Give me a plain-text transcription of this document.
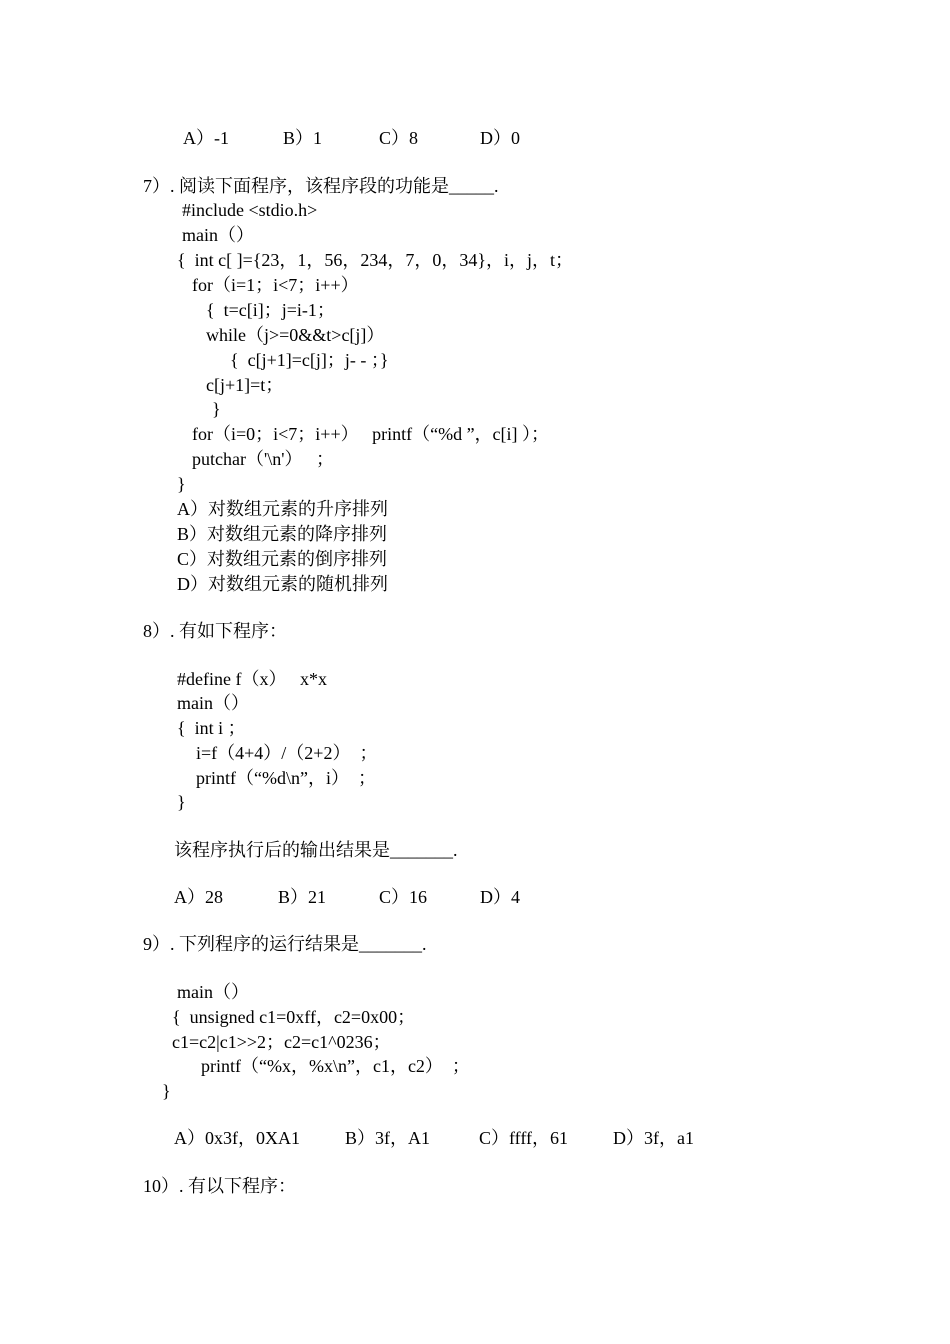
A）-1	B）1	C）8	D）0
7）. 阅读下面程序，该程序段的功能是_____.
#include <stdio.h>
main（）
{  int c[ ]={23，1，56，234，7，0，34}，i，j，t；
for（i=1；i<7；i++）
{  t=c[i]；j=i-1；
while（j>=0&&t>c[j]）
{  c[j+1]=c[j]；j- - ；}
c[j+1]=t；
}
for（i=0；i<7；i++）   printf（“%d ”，c[i] ）；
putchar（'\n'）   ；
}
A）对数组元素的升序排列
B）对数组元素的降序排列
C）对数组元素的倒序排列
D）对数组元素的随机排列
8）. 有如下程序：
#define f（x）   x*x
main（）
{  int i ；
i=f（4+4）/（2+2）  ；
printf（“%d\n”，i）  ；
}
该程序执行后的输出结果是_______.
A）28	B）21	C）16	D）4
9）. 下列程序的运行结果是_______.
main（）
{  unsigned c1=0xff，c2=0x00；
c1=c2|c1>>2；c2=c1^0236；
printf（“%x，%x\n”，c1，c2）  ；
}
A）0x3f，0XA1	B）3f，A1	C）ffff，61 D）3f，a1
10）. 有以下程序：
